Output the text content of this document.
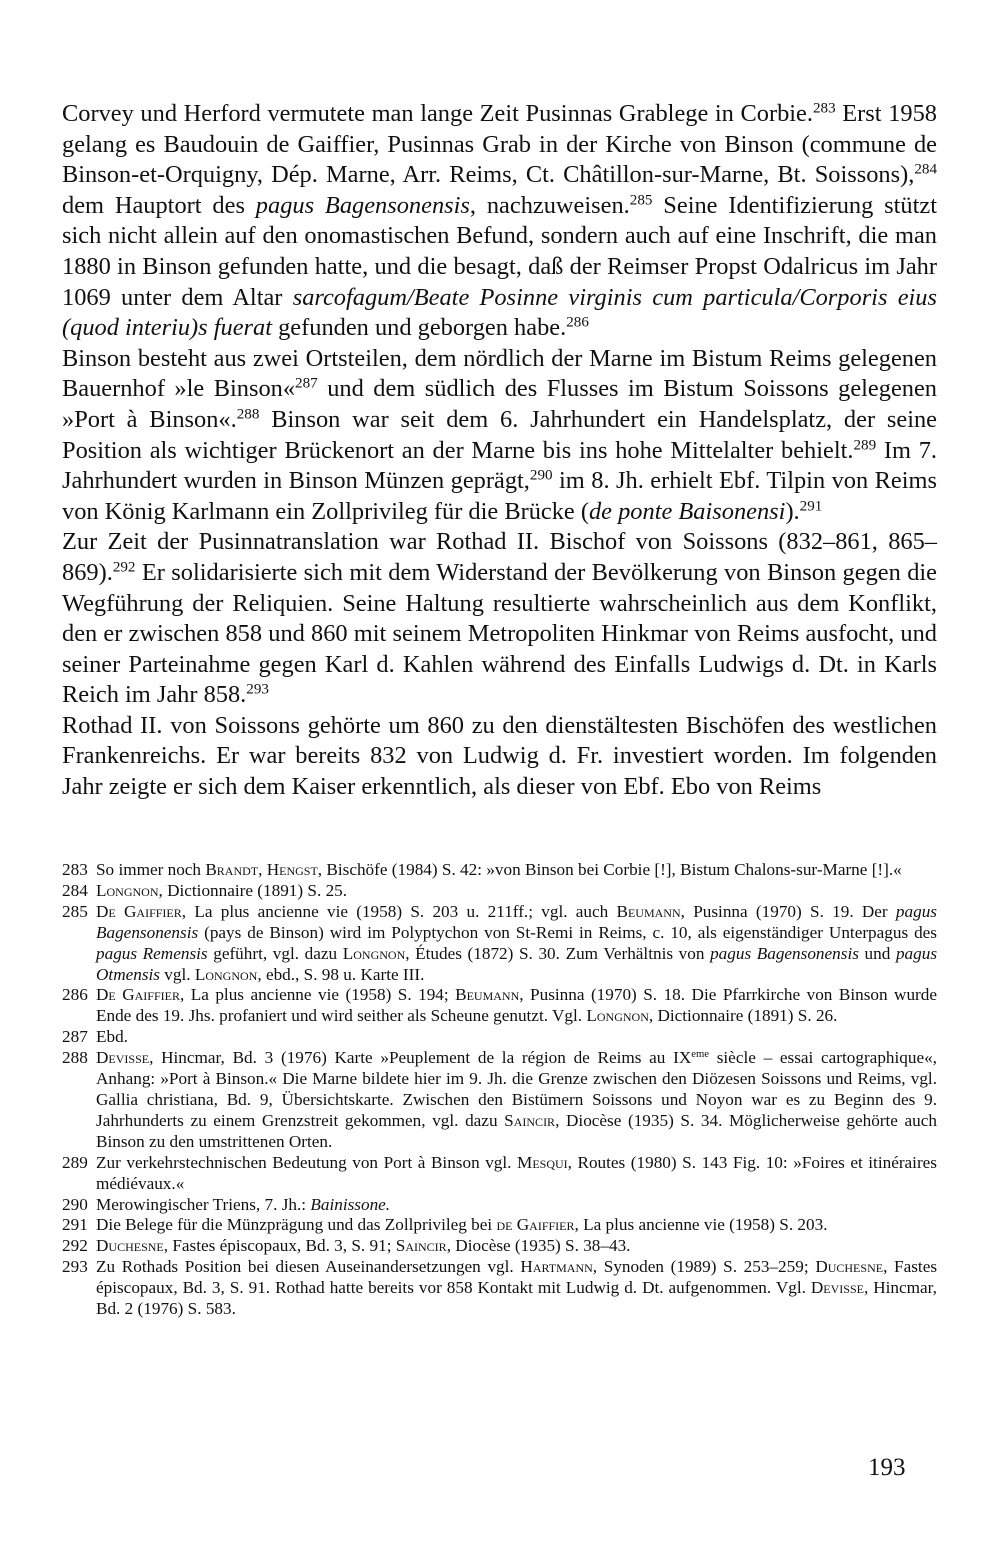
Corvey und Herford vermutete man lange Zeit Pusinnas Grablege in Corbie.$^{283}$ Erst 1958 gelang es Baudouin de Gaiffier, Pusinnas Grab in der Kirche von Binson (commune de Binson-et-Orquigny, Dép. Marne, Arr. Reims, Ct. Châtillon-sur-Marne, Bt. Soissons),$^{284}$ dem Hauptort des pagus Bagensonensis, nachzuweisen.$^{285}$ Seine Identifizierung stützt sich nicht allein auf den onomastischen Befund, sondern auch auf eine Inschrift, die man 1880 in Binson gefunden hatte, und die besagt, daß der Reimser Propst Odalricus im Jahr 1069 unter dem Altar sarcofagum/Beate Posinne virginis cum particula/Corporis eius (quod interiu)s fuerat gefunden und geborgen habe.$^{286}$

Binson besteht aus zwei Ortsteilen, dem nördlich der Marne im Bistum Reims gelegenen Bauernhof »le Binson«$^{287}$ und dem südlich des Flusses im Bistum Soissons gelegenen »Port à Binson«.$^{288}$ Binson war seit dem 6. Jahrhundert ein Handelsplatz, der seine Position als wichtiger Brückenort an der Marne bis ins hohe Mittelalter behielt.$^{289}$ Im 7. Jahrhundert wurden in Binson Münzen geprägt,$^{290}$ im 8. Jh. erhielt Ebf. Tilpin von Reims von König Karlmann ein Zollprivileg für die Brücke (de ponte Baisonensi).$^{291}$

Zur Zeit der Pusinnatranslation war Rothad II. Bischof von Soissons (832–861, 865–869).$^{292}$ Er solidarisierte sich mit dem Widerstand der Bevölkerung von Binson gegen die Wegführung der Reliquien. Seine Haltung resultierte wahrscheinlich aus dem Konflikt, den er zwischen 858 und 860 mit seinem Metropoliten Hinkmar von Reims ausfocht, und seiner Parteinahme gegen Karl d. Kahlen während des Einfalls Ludwigs d. Dt. in Karls Reich im Jahr 858.$^{293}$

Rothad II. von Soissons gehörte um 860 zu den dienstältesten Bischöfen des westlichen Frankenreichs. Er war bereits 832 von Ludwig d. Fr. investiert worden. Im folgenden Jahr zeigte er sich dem Kaiser erkenntlich, als dieser von Ebf. Ebo von Reims

283 So immer noch Brandt, Hengst, Bischöfe (1984) S. 42: »von Binson bei Corbie [!], Bistum Chalons-sur-Marne [!].«
284 Longnon, Dictionnaire (1891) S. 25.
285 De Gaiffier, La plus ancienne vie (1958) S. 203 u. 211ff.; vgl. auch Beumann, Pusinna (1970) S. 19. Der pagus Bagensonensis (pays de Binson) wird im Polyptychon von St-Remi in Reims, c. 10, als eigenständiger Unterpagus des pagus Remensis geführt, vgl. dazu Longnon, Études (1872) S. 30. Zum Verhältnis von pagus Bagensonensis und pagus Otmensis vgl. Longnon, ebd., S. 98 u. Karte III.
286 De Gaiffier, La plus ancienne vie (1958) S. 194; Beumann, Pusinna (1970) S. 18. Die Pfarrkirche von Binson wurde Ende des 19. Jhs. profaniert und wird seither als Scheune genutzt. Vgl. Longnon, Dictionnaire (1891) S. 26.
287 Ebd.
288 Devisse, Hincmar, Bd. 3 (1976) Karte »Peuplement de la région de Reims au IXeme siècle – essai cartographique«, Anhang: »Port à Binson.« Die Marne bildete hier im 9. Jh. die Grenze zwischen den Diözesen Soissons und Reims, vgl. Gallia christiana, Bd. 9, Übersichtskarte. Zwischen den Bistümern Soissons und Noyon war es zu Beginn des 9. Jahrhunderts zu einem Grenzstreit gekommen, vgl. dazu Saincir, Diocèse (1935) S. 34. Möglicherweise gehörte auch Binson zu den umstrittenen Orten.
289 Zur verkehrstechnischen Bedeutung von Port à Binson vgl. Mesqui, Routes (1980) S. 143 Fig. 10: »Foires et itinéraires médiévaux.«
290 Merowingischer Triens, 7. Jh.: Bainissone.
291 Die Belege für die Münzprägung und das Zollprivileg bei de Gaiffier, La plus ancienne vie (1958) S. 203.
292 Duchesne, Fastes épiscopaux, Bd. 3, S. 91; Saincir, Diocèse (1935) S. 38–43.
293 Zu Rothads Position bei diesen Auseinandersetzungen vgl. Hartmann, Synoden (1989) S. 253–259; Duchesne, Fastes épiscopaux, Bd. 3, S. 91. Rothad hatte bereits vor 858 Kontakt mit Ludwig d. Dt. aufgenommen. Vgl. Devisse, Hincmar, Bd. 2 (1976) S. 583.
193
